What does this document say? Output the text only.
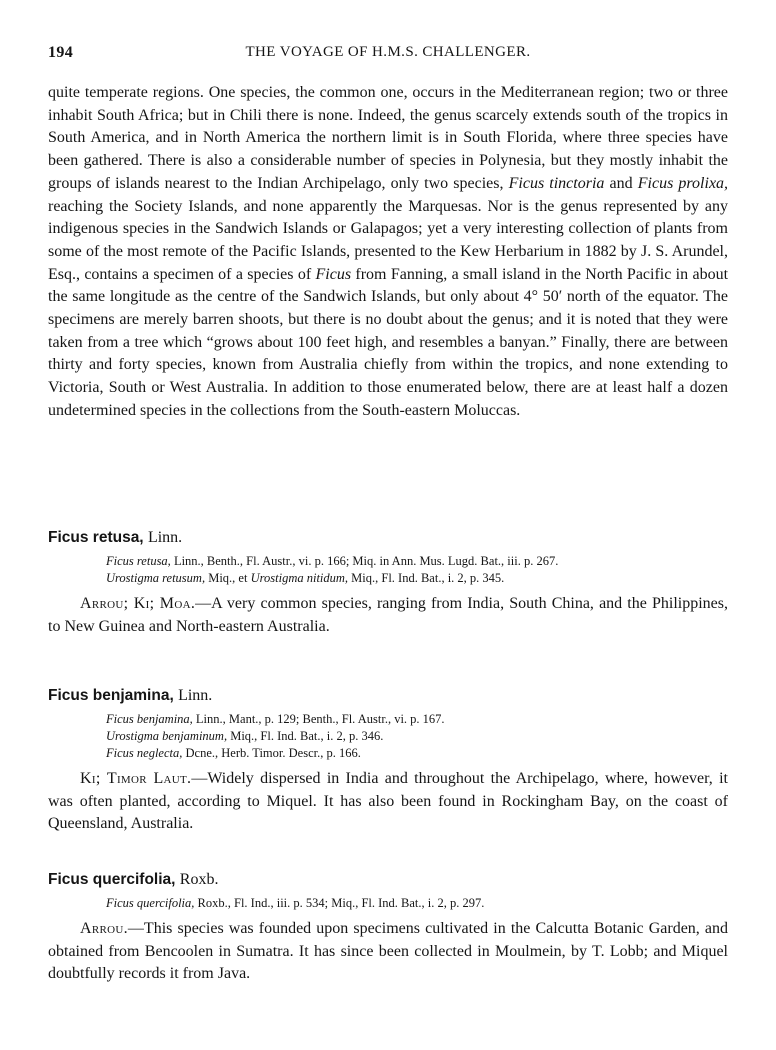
194	THE VOYAGE OF H.M.S. CHALLENGER.

quite temperate regions. One species, the common one, occurs in the Mediterranean region; two or three inhabit South Africa; but in Chili there is none. Indeed, the genus scarcely extends south of the tropics in South America, and in North America the northern limit is in South Florida, where three species have been gathered. There is also a considerable number of species in Polynesia, but they mostly inhabit the groups of islands nearest to the Indian Archipelago, only two species, Ficus tinctoria and Ficus prolixa, reaching the Society Islands, and none apparently the Marquesas. Nor is the genus represented by any indigenous species in the Sandwich Islands or Galapagos; yet a very interesting collection of plants from some of the most remote of the Pacific Islands, presented to the Kew Herbarium in 1882 by J. S. Arundel, Esq., contains a specimen of a species of Ficus from Fanning, a small island in the North Pacific in about the same longitude as the centre of the Sandwich Islands, but only about 4° 50′ north of the equator. The specimens are merely barren shoots, but there is no doubt about the genus; and it is noted that they were taken from a tree which “grows about 100 feet high, and resembles a banyan.” Finally, there are between thirty and forty species, known from Australia chiefly from within the tropics, and none extending to Victoria, South or West Australia. In addition to those enumerated below, there are at least half a dozen undetermined species in the collections from the South-eastern Moluccas.

Ficus retusa, Linn.

Ficus retusa, Linn., Benth., Fl. Austr., vi. p. 166; Miq. in Ann. Mus. Lugd. Bat., iii. p. 267.

Urostigma retusum, Miq., et Urostigma nitidum, Miq., Fl. Ind. Bat., i. 2, p. 345.

Arrou; Ki; Moa.—A very common species, ranging from India, South China, and the Philippines, to New Guinea and North-eastern Australia.

Ficus benjamina, Linn.

Ficus benjamina, Linn., Mant., p. 129; Benth., Fl. Austr., vi. p. 167.

Urostigma benjaminum, Miq., Fl. Ind. Bat., i. 2, p. 346.

Ficus neglecta, Dcne., Herb. Timor. Descr., p. 166.

Ki; Timor Laut.—Widely dispersed in India and throughout the Archipelago, where, however, it was often planted, according to Miquel. It has also been found in Rockingham Bay, on the coast of Queensland, Australia.

Ficus quercifolia, Roxb.

Ficus quercifolia, Roxb., Fl. Ind., iii. p. 534; Miq., Fl. Ind. Bat., i. 2, p. 297.

Arrou.—This species was founded upon specimens cultivated in the Calcutta Botanic Garden, and obtained from Bencoolen in Sumatra. It has since been collected in Moulmein, by T. Lobb; and Miquel doubtfully records it from Java.
